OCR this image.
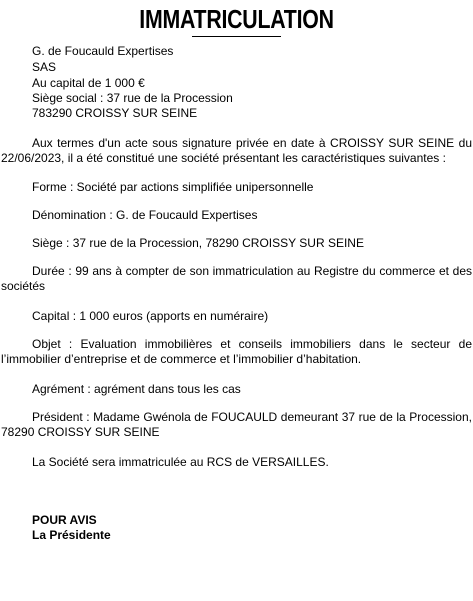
IMMATRICULATION
G. de Foucauld Expertises
SAS
Au capital de 1 000 €
Siège social : 37 rue de la Procession
783290 CROISSY SUR SEINE
Aux termes d'un acte sous signature privée en date à CROISSY SUR SEINE du
22/06/2023, il a été constitué une société présentant les caractéristiques suivantes :
Forme : Société par actions simplifiée unipersonnelle
Dénomination : G. de Foucauld Expertises
Siège : 37 rue de la Procession, 78290 CROISSY SUR SEINE
Durée : 99 ans à compter de son immatriculation au Registre du commerce et des
sociétés
Capital : 1 000 euros (apports en numéraire)
Objet : Evaluation immobilières et conseils immobiliers dans le secteur de
l’immobilier d’entreprise et de commerce et l’immobilier d’habitation.
Agrément : agrément dans tous les cas
Président : Madame Gwénola de FOUCAULD demeurant 37 rue de la Procession,
78290 CROISSY SUR SEINE
La Société sera immatriculée au RCS de VERSAILLES.
POUR AVIS
La Présidente
